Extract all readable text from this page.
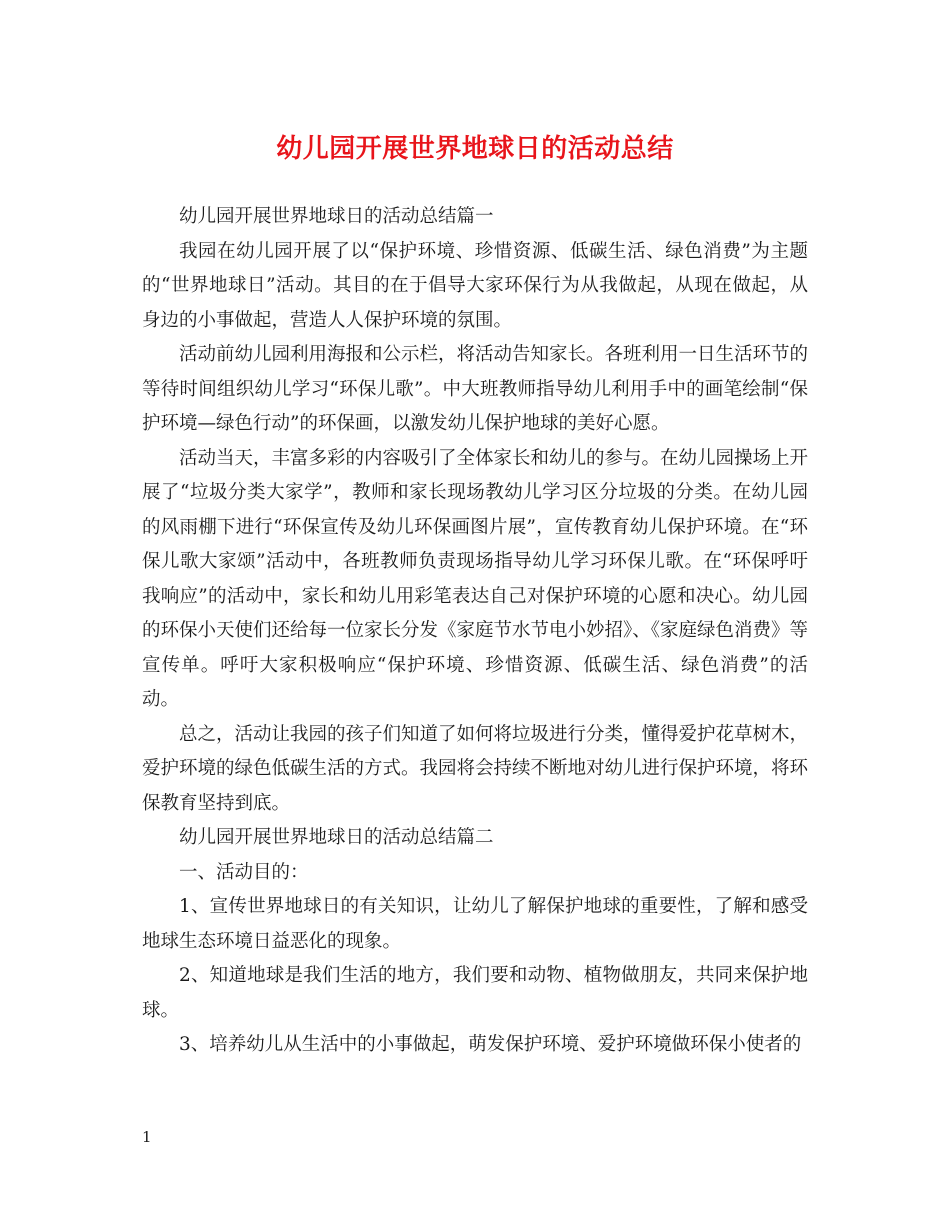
幼儿园开展世界地球日的活动总结

幼儿园开展世界地球日的活动总结篇一

我园在幼儿园开展了以“保护环境、珍惜资源、低碳生活、绿色消费”为主题的“世界地球日”活动。其目的在于倡导大家环保行为从我做起，从现在做起，从身边的小事做起，营造人人保护环境的氛围。

活动前幼儿园利用海报和公示栏，将活动告知家长。各班利用一日生活环节的等待时间组织幼儿学习“环保儿歌”。中大班教师指导幼儿利用手中的画笔绘制“保护环境—绿色行动”的环保画，以激发幼儿保护地球的美好心愿。

活动当天，丰富多彩的内容吸引了全体家长和幼儿的参与。在幼儿园操场上开展了“垃圾分类大家学”，教师和家长现场教幼儿学习区分垃圾的分类。在幼儿园的风雨棚下进行“环保宣传及幼儿环保画图片展”，宣传教育幼儿保护环境。在“环保儿歌大家颂”活动中，各班教师负责现场指导幼儿学习环保儿歌。在“环保呼吁我响应”的活动中，家长和幼儿用彩笔表达自己对保护环境的心愿和决心。幼儿园的环保小天使们还给每一位家长分发《家庭节水节电小妙招》、《家庭绿色消费》等宣传单。呼吁大家积极响应“保护环境、珍惜资源、低碳生活、绿色消费”的活动。

总之，活动让我园的孩子们知道了如何将垃圾进行分类，懂得爱护花草树木，爱护环境的绿色低碳生活的方式。我园将会持续不断地对幼儿进行保护环境，将环保教育坚持到底。

幼儿园开展世界地球日的活动总结篇二

一、活动目的：

1、宣传世界地球日的有关知识，让幼儿了解保护地球的重要性，了解和感受地球生态环境日益恶化的现象。

2、知道地球是我们生活的地方，我们要和动物、植物做朋友，共同来保护地球。

3、培养幼儿从生活中的小事做起，萌发保护环境、爱护环境做环保小使者的

1
